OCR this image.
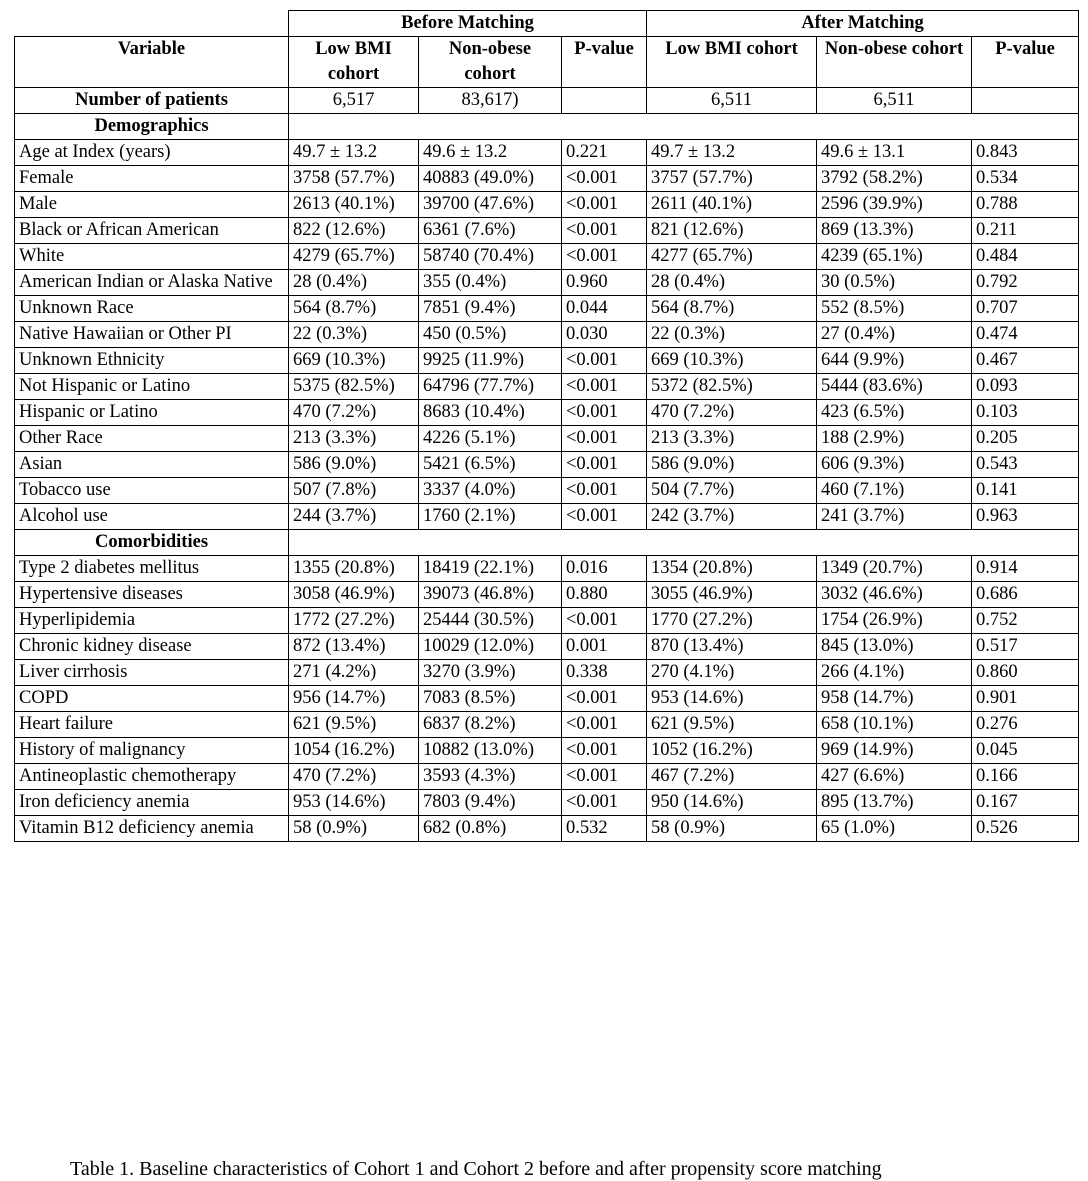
	Before Matching			After Matching		
Variable	Low BMI cohort	Non-obese cohort	P-value	Low BMI cohort	Non-obese cohort	P-value
Number of patients	6,517	83,617)		6,511	6,511	
Demographics						
Age at Index (years)	49.7 ± 13.2	49.6 ± 13.2	0.221	49.7 ± 13.2	49.6 ± 13.1	0.843
Female	3758 (57.7%)	40883 (49.0%)	<0.001	3757 (57.7%)	3792 (58.2%)	0.534
Male	2613 (40.1%)	39700 (47.6%)	<0.001	2611 (40.1%)	2596 (39.9%)	0.788
Black or African American	822 (12.6%)	6361 (7.6%)	<0.001	821 (12.6%)	869 (13.3%)	0.211
White	4279 (65.7%)	58740 (70.4%)	<0.001	4277 (65.7%)	4239 (65.1%)	0.484
American Indian or Alaska Native	28 (0.4%)	355 (0.4%)	0.960	28 (0.4%)	30 (0.5%)	0.792
Unknown Race	564 (8.7%)	7851 (9.4%)	0.044	564 (8.7%)	552 (8.5%)	0.707
Native Hawaiian or Other PI	22 (0.3%)	450 (0.5%)	0.030	22 (0.3%)	27 (0.4%)	0.474
Unknown Ethnicity	669 (10.3%)	9925 (11.9%)	<0.001	669 (10.3%)	644 (9.9%)	0.467
Not Hispanic or Latino	5375 (82.5%)	64796 (77.7%)	<0.001	5372 (82.5%)	5444 (83.6%)	0.093
Hispanic or Latino	470 (7.2%)	8683 (10.4%)	<0.001	470 (7.2%)	423 (6.5%)	0.103
Other Race	213 (3.3%)	4226 (5.1%)	<0.001	213 (3.3%)	188 (2.9%)	0.205
Asian	586 (9.0%)	5421 (6.5%)	<0.001	586 (9.0%)	606 (9.3%)	0.543
Tobacco use	507 (7.8%)	3337 (4.0%)	<0.001	504 (7.7%)	460 (7.1%)	0.141
Alcohol use	244 (3.7%)	1760 (2.1%)	<0.001	242 (3.7%)	241 (3.7%)	0.963
Comorbidities						
Type 2 diabetes mellitus	1355 (20.8%)	18419 (22.1%)	0.016	1354 (20.8%)	1349 (20.7%)	0.914
Hypertensive diseases	3058 (46.9%)	39073 (46.8%)	0.880	3055 (46.9%)	3032 (46.6%)	0.686
Hyperlipidemia	1772 (27.2%)	25444 (30.5%)	<0.001	1770 (27.2%)	1754 (26.9%)	0.752
Chronic kidney disease	872 (13.4%)	10029 (12.0%)	0.001	870 (13.4%)	845 (13.0%)	0.517
Liver cirrhosis	271 (4.2%)	3270 (3.9%)	0.338	270 (4.1%)	266 (4.1%)	0.860
COPD	956 (14.7%)	7083 (8.5%)	<0.001	953 (14.6%)	958 (14.7%)	0.901
Heart failure	621 (9.5%)	6837 (8.2%)	<0.001	621 (9.5%)	658 (10.1%)	0.276
History of malignancy	1054 (16.2%)	10882 (13.0%)	<0.001	1052 (16.2%)	969 (14.9%)	0.045
Antineoplastic chemotherapy	470 (7.2%)	3593 (4.3%)	<0.001	467 (7.2%)	427 (6.6%)	0.166
Iron deficiency anemia	953 (14.6%)	7803 (9.4%)	<0.001	950 (14.6%)	895 (13.7%)	0.167
Vitamin B12 deficiency anemia	58 (0.9%)	682 (0.8%)	0.532	58 (0.9%)	65 (1.0%)	0.526
Table 1. Baseline characteristics of Cohort 1 and Cohort 2 before and after propensity score matching
